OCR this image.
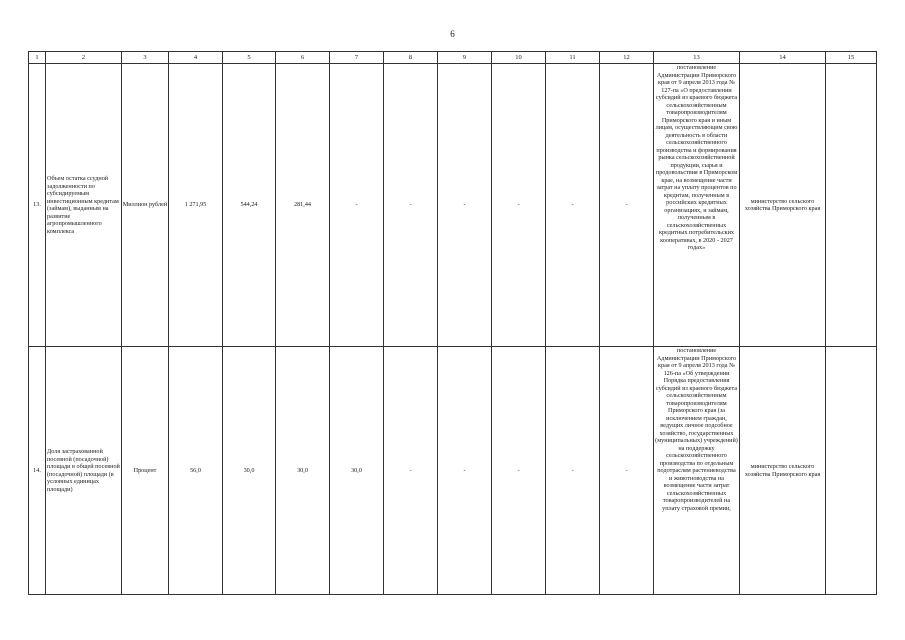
6
1	2	3	4	5	6	7	8	9	10	11	12	13	14	15
13.	Объем остатка ссудной задолженности по субсидируемым инвестиционным кредитам (займам), выданным на развитие агропромышленного комплекса	Миллион рублей	1 271,95	544,24	281,44	-	-	-	-	-	-	постановление Администрации Приморского края от 9 апреля 2013 года № 127-па «О предоставлении субсидий из краевого бюджета сельскохозяйственным товаропроизводителям Приморского края и иным лицам, осуществляющим свою деятельность в области сельскохозяйственного производства и формирования рынка сельскохозяйственной продукции, сырья и продовольствия в Приморском крае, на возмещение части затрат на уплату процентов по кредитам, полученным в российских кредитных организациях, и займам, полученным в сельскохозяйственных кредитных потребительских кооперативах, в 2020 - 2027 годах»	министерство сельского хозяйства Приморского края	
14.	Доля застрахованной посевной (посадочной) площади в общей посевной (посадочной) площади (в условных единицах площади)	Процент	56,0	30,0	30,0	30,0	-	-	-	-	-	постановление Администрации Приморского края от 9 апреля 2013 года № 126-па «Об утверждении Порядка предоставления субсидий из краевого бюджета сельскохозяйственным товаропроизводителям Приморского края (за исключением граждан, ведущих личное подсобное хозяйство, государственных (муниципальных) учреждений) на поддержку сельскохозяйственного производства по отдельным подотраслям растениеводства и животноводства на возмещение части затрат сельскохозяйственных товаропроизводителей на уплату страховой премии,	министерство сельского хозяйства Приморского края	
